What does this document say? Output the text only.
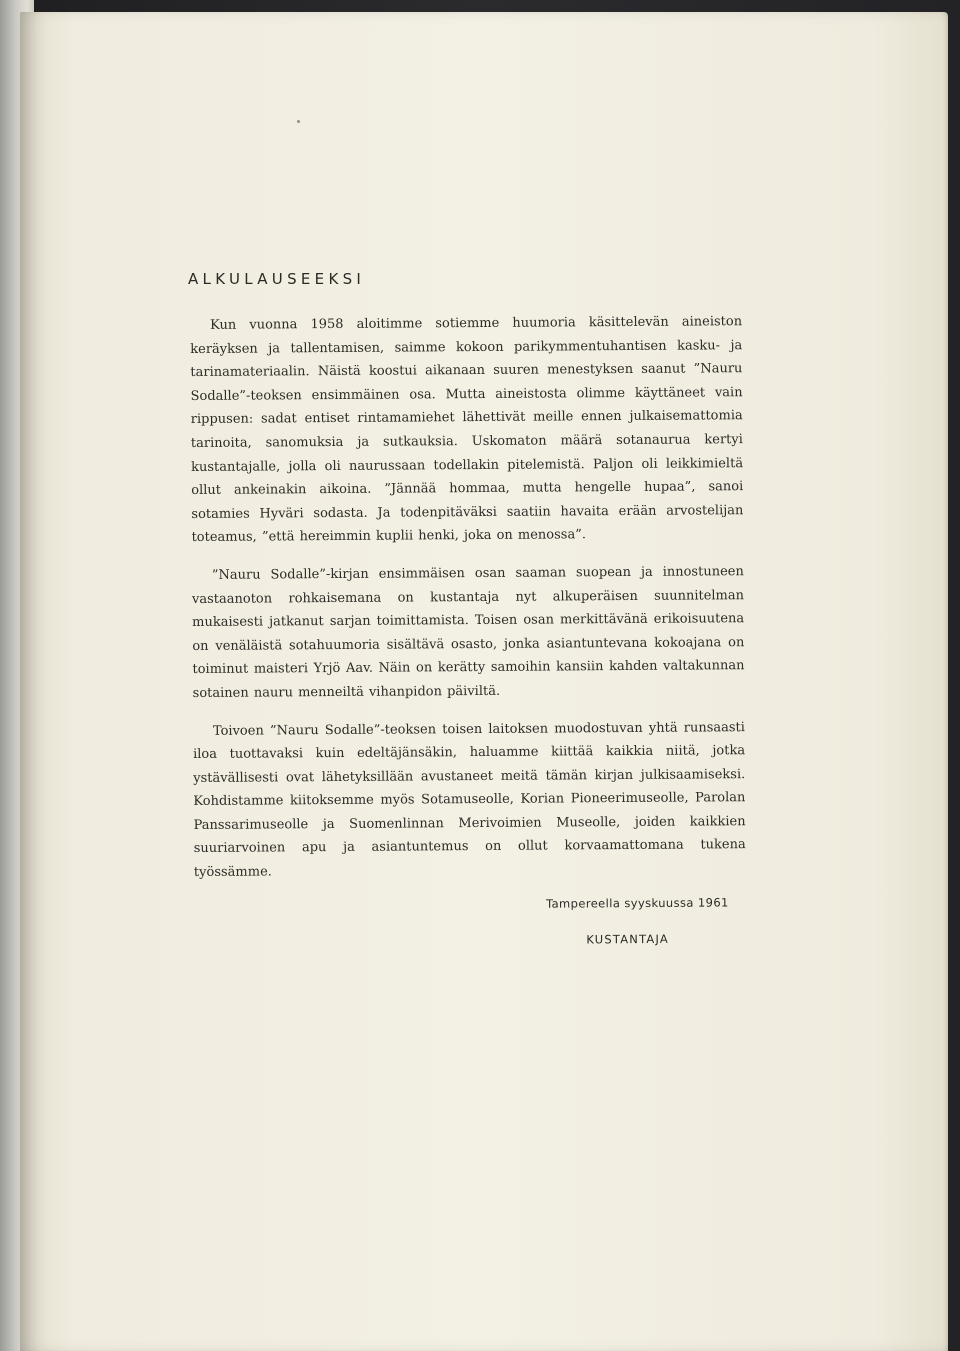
ALKULAUSEEKSI

Kun vuonna 1958 aloitimme sotiemme huumoria käsittelevän aineiston keräyksen ja tallentamisen, saimme kokoon parikymmentuhantisen kasku- ja tarinamateriaalin. Näistä koostui aikanaan suuren menestyksen saanut ”Nauru Sodalle”-teoksen ensimmäinen osa. Mutta aineistosta olimme käyttäneet vain rippusen: sadat entiset rintamamiehet lähettivät meille ennen julkaisemattomia tarinoita, sanomuksia ja sutkauksia. Uskomaton määrä sotanaurua kertyi kustantajalle, jolla oli naurussaan todellakin pitelemistä. Paljon oli leikkimieltä ollut ankeinakin aikoina. ”Jännää hommaa, mutta hengelle hupaa”, sanoi sotamies Hyväri sodasta. Ja todenpitäväksi saatiin havaita erään arvostelijan toteamus, ”että hereimmin kuplii henki, joka on menossa”.

”Nauru Sodalle”-kirjan ensimmäisen osan saaman suopean ja innostuneen vastaanoton rohkaisemana on kustantaja nyt alkuperäisen suunnitelman mukaisesti jatkanut sarjan toimittamista. Toisen osan merkittävänä erikoisuutena on venäläistä sotahuumoria sisältävä osasto, jonka asiantuntevana kokoajana on toiminut maisteri Yrjö Aav. Näin on kerätty samoihin kansiin kahden valtakunnan sotainen nauru menneiltä vihanpidon päiviltä.

Toivoen ”Nauru Sodalle”-teoksen toisen laitoksen muodostuvan yhtä runsaasti iloa tuottavaksi kuin edeltäjänsäkin, haluamme kiittää kaikkia niitä, jotka ystävällisesti ovat lähetyksillään avustaneet meitä tämän kirjan julkisaamiseksi. Kohdistamme kiitoksemme myös Sotamuseolle, Korian Pioneerimuseolle, Parolan Panssarimuseolle ja Suomenlinnan Merivoimien Museolle, joiden kaikkien suuriarvoinen apu ja asiantuntemus on ollut korvaamattomana tukena työssämme.

Tampereella syyskuussa 1961
KUSTANTAJA
